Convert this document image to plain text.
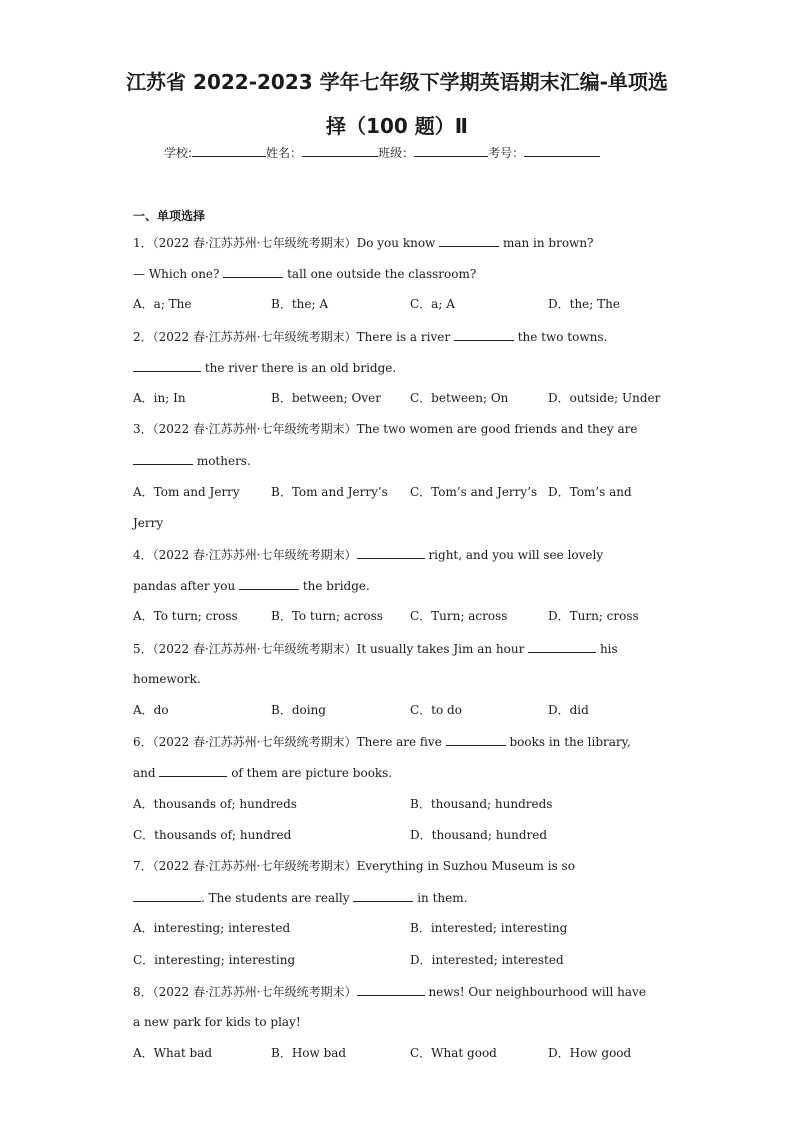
江苏省 2022-2023 学年七年级下学期英语期末汇编-单项选
择（100 题）Ⅱ
学校:	姓名：	班级：	考号：
一、单项选择
1．（2022 春·江苏苏州·七年级统考期末）Do you know	man in brown?
— Which one?	tall one outside the classroom?
A．a; The	B．the; A	C．a; A	D．the; The
2．（2022 春·江苏苏州·七年级统考期末）There is a river	the two towns.
the river there is an old bridge.
A．in; In	B．between; Over C．between; On	D．outside; Under
3．（2022 春·江苏苏州·七年级统考期末）The two women are good friends and they are
mothers.
A．Tom and Jerry	B．Tom and Jerry’s C．Tom’s and Jerry’s D．Tom’s and
Jerry
4．（2022 春·江苏苏州·七年级统考期末）	right, and you will see lovely
pandas after you	the bridge.
A．To turn; cross	B．To turn; across C．Turn; across	D．Turn; cross
5．（2022 春·江苏苏州·七年级统考期末）It usually takes Jim an hour	his
homework.
A．do	B．doing	C．to do	D．did
6．（2022 春·江苏苏州·七年级统考期末）There are five	books in the library,
and	of them are picture books.
A．thousands of; hundreds	B．thousand; hundreds
C．thousands of; hundred	D．thousand; hundred
7．（2022 春·江苏苏州·七年级统考期末）Everything in Suzhou Museum is so
. The students are really	in them.
A．interesting; interested	B．interested; interesting
C．interesting; interesting	D．interested; interested
8．（2022 春·江苏苏州·七年级统考期末）	news! Our neighbourhood will have
a new park for kids to play!
A．What bad	B．How bad	C．What good	D．How good
